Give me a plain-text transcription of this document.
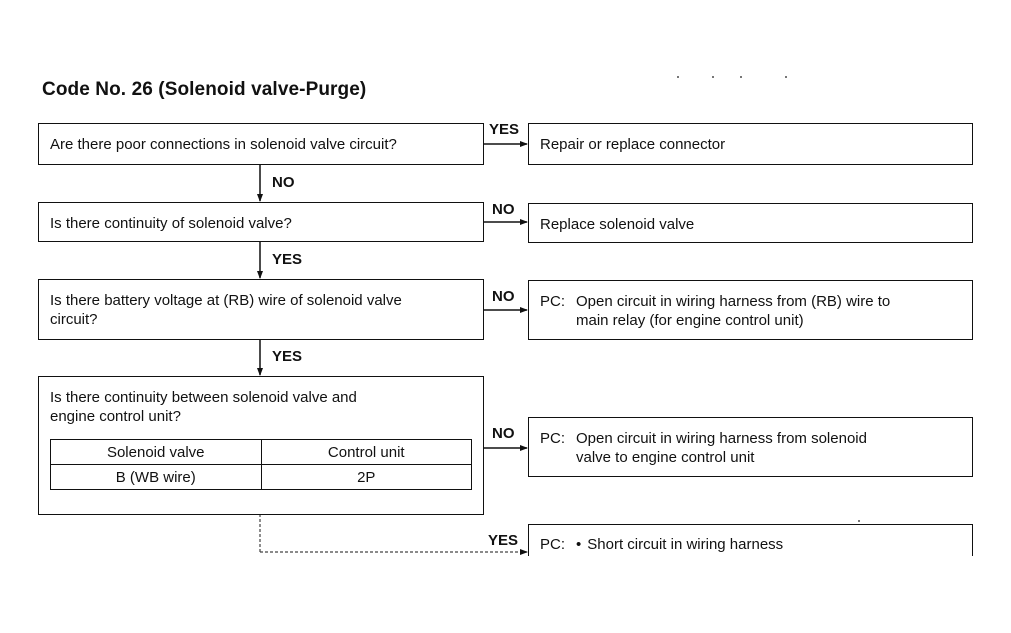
Code No. 26 (Solenoid valve-Purge)
Are there poor connections in solenoid valve circuit?
Is there continuity of solenoid valve?
Is there battery voltage at (RB) wire of solenoid valve
circuit?
Is there continuity between solenoid valve and
engine control unit?
Solenoid valve	Control unit
B (WB wire)	2P
Repair or replace connector
Replace solenoid valve
PC: Open circuit in wiring harness from (RB) wire to
main relay (for engine control unit)
PC: Open circuit in wiring harness from solenoid
valve to engine control unit
PC: • Short circuit in wiring harness
YES
NO
NO
YES
NO
YES
NO
YES
